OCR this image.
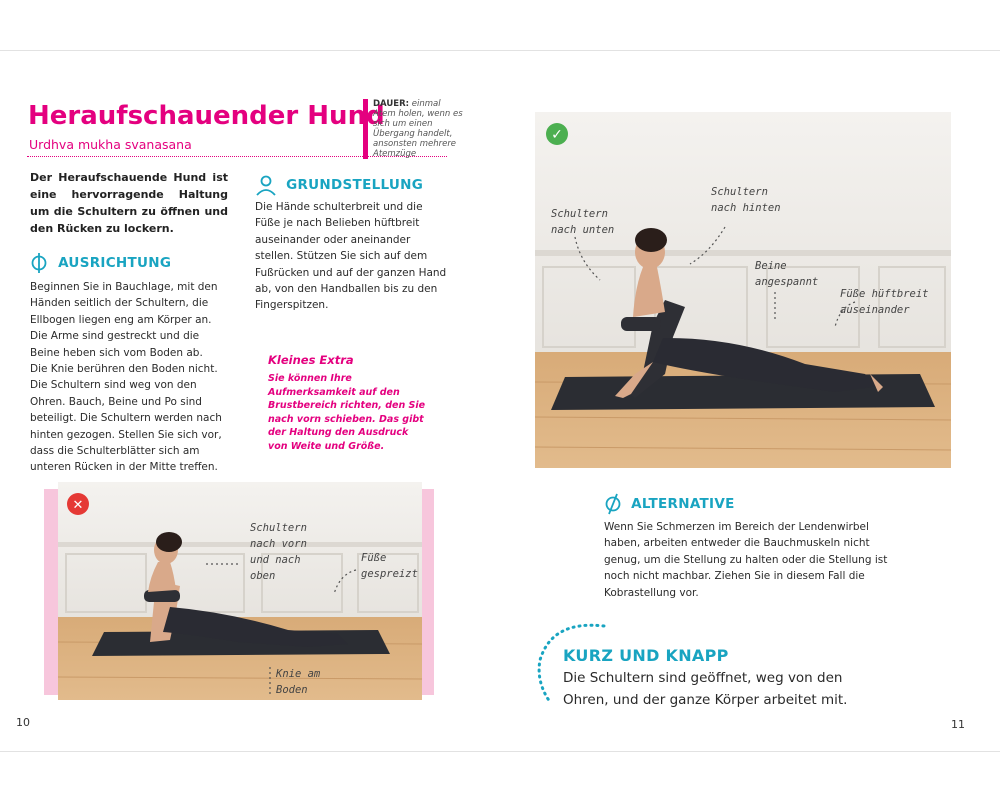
Heraufschauender Hund
Urdhva mukha svanasana
DAUER: einmal Atem holen, wenn es sich um einen Übergang handelt, ansonsten mehrere Atemzüge
Der Heraufschauende Hund ist eine hervorragende Haltung um die Schultern zu öffnen und den Rücken zu lockern.
AUSRICHTUNG
Beginnen Sie in Bauchlage, mit den Händen seitlich der Schultern, die Ellbogen liegen eng am Körper an. Die Arme sind gestreckt und die Beine heben sich vom Boden ab. Die Knie berühren den Boden nicht. Die Schultern sind weg von den Ohren. Bauch, Beine und Po sind beteiligt. Die Schultern werden nach hinten gezogen. Stellen Sie sich vor, dass die Schulterblätter sich am unteren Rücken in der Mitte treffen.
GRUNDSTELLUNG
Die Hände schulterbreit und die Füße je nach Belieben hüftbreit auseinander oder aneinander stellen. Stützen Sie sich auf dem Fußrücken und auf der ganzen Hand ab, von den Handballen bis zu den Fingerspitzen.
Kleines Extra
Sie können Ihre Aufmerksamkeit auf den Brustbereich richten, den Sie nach vorn schieben. Das gibt der Haltung den Ausdruck von Weite und Größe.
✓
Schultern
nach unten
Schultern
nach hinten
Beine
angespannt
Füße hüftbreit
auseinander
✕
Schultern
nach vorn
und nach
oben
Füße
gespreizt
Knie am
Boden
ALTERNATIVE
Wenn Sie Schmerzen im Bereich der Lendenwirbel haben, arbeiten entweder die Bauchmuskeln nicht genug, um die Stellung zu halten oder die Stellung ist noch nicht machbar. Ziehen Sie in diesem Fall die Kobrastellung vor.
KURZ UND KNAPP
Die Schultern sind geöffnet, weg von den Ohren, und der ganze Körper arbeitet mit.
10	11
